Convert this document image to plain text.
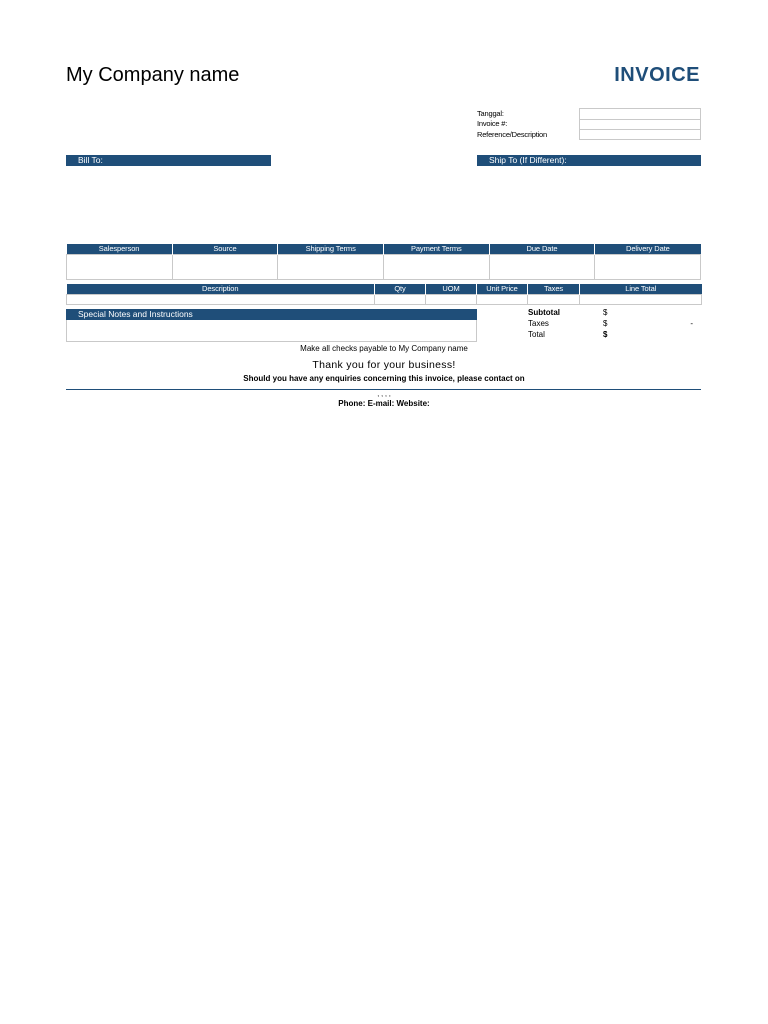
My Company name	INVOICE
Tanggal:
Invoice #:
Reference/Description
Bill To:	Ship To (If Different):
Salesperson	Source	Shipping Terms	Payment Terms	Due Date	Delivery Date

Description	Qty	UOM	Unit Price	Taxes	Line Total

Special Notes and Instructions	Subtotal	$
Taxes	$	-
Total	$
Make all checks payable to My Company name
Thank you for your business!
Should you have any enquiries concerning this invoice, please contact on
, , , ,
Phone: E-mail: Website:
